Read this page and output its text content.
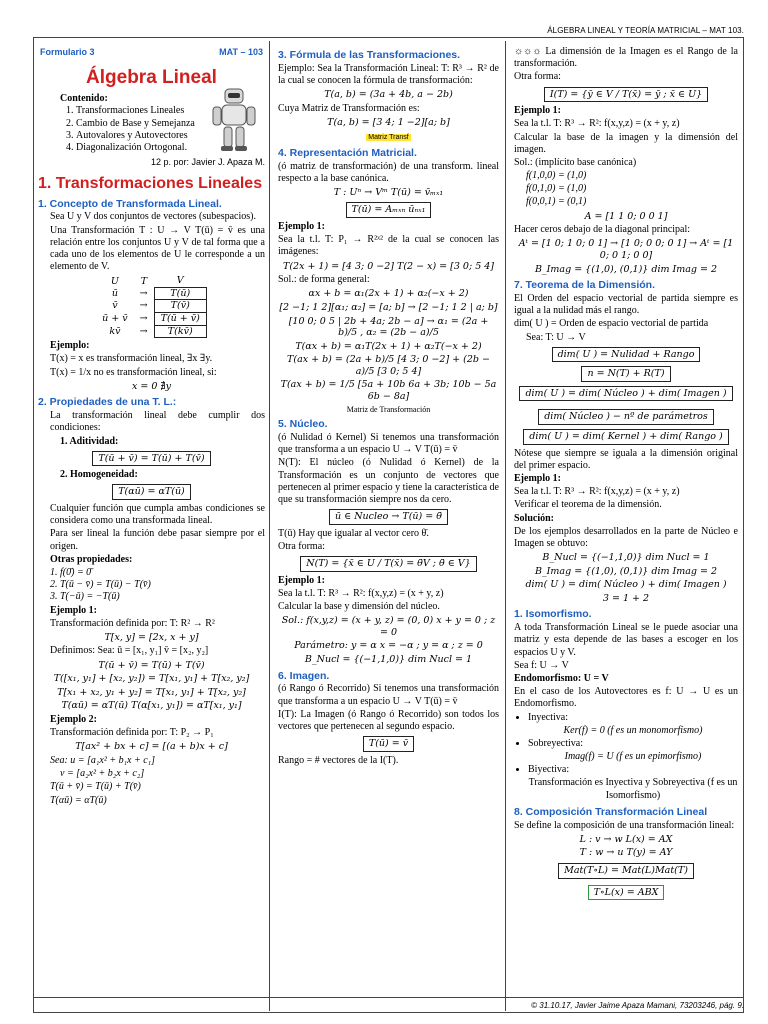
ÁLGEBRA LINEAL Y TEORÍA MATRICIAL – MAT 103.
© 31.10.17, Javier Jaime Apaza Mamani, 73203246, pág. 9.
Formulario 3	MAT – 103
Álgebra Lineal
Contenido:
1. Transformaciones Lineales
2. Cambio de Base y Semejanza
3. Autovalores y Autovectores
4. Diagonalización Ortogonal.
12 p. por: Javier J. Apaza M.
1. Transformaciones Lineales
1. Concepto de Transformada Lineal.

Sea U y V dos conjuntos de vectores (subespacios).

Una Transformación T : U → V T(ū) = v̄ es una relación entre los conjuntos U y V de tal forma que a cada uno de los elementos de U le corresponde a un elemento de V.

U	T	V
ū	→	T(ū)
v̄	→	T(v̄)
ū + v̄	→	T(ū + v̄)
kv̄	→	T(kv̄)

Ejemplo:

T(x) = x es transformación lineal, ∃x ∃y.

T(x) = 1/x no es transformación lineal, si:

x = 0 ∄y

2. Propiedades de una T. L.:

La transformación lineal debe cumplir dos condiciones:

1. Aditividad:

T(ū + v̄) = T(ū) + T(v̄)

2. Homogeneidad:

T(αū) = αT(ū)

Cualquier función que cumpla ambas condiciones se considera como una transformada lineal.

Para ser lineal la función debe pasar siempre por el origen.

Otras propiedades:

1. f(0̄) = 0̄
2. T(ū − v̄) = T(ū) − T(v̄)
3. T(−ū) = −T(ū)

Ejemplo 1:

Transformación definida por: T: R² → R²

T[x, y] = [2x, x + y]

Definimos: Sea: ū = [x₁, y₁] v̄ = [x₂, y₂]

T(ū + v̄) = T(ū) + T(v̄)

T([x₁, y₁] + [x₂, y₂]) = T[x₁, y₁] + T[x₂, y₂]

T[x₁ + x₂, y₁ + y₂] = T[x₁, y₁] + T[x₂, y₂]

T(αū) = αT(ū) T(α[x₁, y₁]) = αT[x₁, y₁]

Ejemplo 2:

Transformación definida por: T: P₂ → P₁

T[ax² + bx + c] = [(a + b)x + c]

Sea: u = [a₁x² + b₁x + c₁]

v = [a₂x² + b₂x + c₂]

T(ū + v̄) = T(ū) + T(v̄)

T(αū) = αT(ū)

3. Fórmula de las Transformaciones.

Ejemplo: Sea la Transformación Lineal: T: R³ → R² de la cual se conocen la fórmula de transformación:

T(a, b) = (3a + 4b, a − 2b)

Cuya Matriz de Transformación es:

T(a, b) = [3 4; 1 −2][a; b]

Matriz Transf
4. Representación Matricial.

(ó matriz de transformación) de una transform. lineal respecto a la base canónica.

T : Uⁿ → Vᵐ T(ū) = v̄ₘₓ₁

T(ū) = Aₘₓₙ ūₙₓ₁

Ejemplo 1:

Sea la t.l. T: P₁ → R²ˣ² de la cual se conocen las imágenes:

T(2x + 1) = [4 3; 0 −2] T(2 − x) = [3 0; 5 4]

Sol.: de forma general:

αx + b = α₁(2x + 1) + α₂(−x + 2)

[2 −1; 1 2][α₁; α₂] = [a; b] → [2 −1; 1 2 | a; b]

[10 0; 0 5 | 2b + 4a; 2b − a] → α₁ = (2a + b)/5 , α₂ = (2b − a)/5

T(αx + b) = α₁T(2x + 1) + α₂T(−x + 2)

T(ax + b) = (2a + b)/5 [4 3; 0 −2] + (2b − a)/5 [3 0; 5 4]

T(ax + b) = 1/5 [5a + 10b 6a + 3b; 10b − 5a 6b − 8a]

Matriz de Transformación
5. Núcleo.

(ó Nulidad ó Kernel) Si tenemos una transformación que transforma a un espacio U → V T(ū) = v̄

N(T): El núcleo (ó Nulidad ó Kernel) de la Transformación es un conjunto de vectores que pertenecen al primer espacio y tiene la característica de que su transformación siempre nos da cero.

ū ∈ Nucleo → T(ū) = θ̄

T(ū) Hay que igualar al vector cero θ̄.

Otra forma:

N(T) = {x̄ ∈ U / T(x̄) = θ̄V ; θ̄ ∈ V}

Ejemplo 1:

Sea la t.l. T: R³ → R²: f(x,y,z) = (x + y, z)

Calcular la base y dimensión del núcleo.

Sol.: f(x,y,z) = (x + y, z) = (0, 0) x + y = 0 ; z = 0

Parámetro: y = α x = −α ; y = α ; z = 0

B_Nucl = {(−1,1,0)} dim Nucl = 1

6. Imagen.

(ó Rango ó Recorrido) Si tenemos una transformación que transforma a un espacio U → V T(ū) = v̄

I(T): La Imagen (ó Rango ó Recorrido) son todos los vectores que pertenecen al segundo espacio.

T(ū) = v̄

Rango = # vectores de la I(T).

☼☼☼ La dimensión de la Imagen es el Rango de la transformación.

Otra forma:

I(T) = {ȳ ∈ V / T(x̄) = ȳ ; x̄ ∈ U}

Ejemplo 1:

Sea la t.l. T: R³ → R²: f(x,y,z) = (x + y, z)

Calcular la base de la imagen y la dimensión del imagen.

Sol.: (implícito base canónica)

f(1,0,0) = (1,0)

f(0,1,0) = (1,0)

f(0,0,1) = (0,1)

A = [1 1 0; 0 0 1]

Hacer ceros debajo de la diagonal principal:

Aᵗ = [1 0; 1 0; 0 1] → [1 0; 0 0; 0 1] → Aᵗ = [1 0; 0 1; 0 0]

B_Imag = {(1,0), (0,1)} dim Imag = 2

7. Teorema de la Dimensión.

El Orden del espacio vectorial de partida siempre es igual a la nulidad más el rango.

dim( U ) = Orden de espacio vectorial de partida

Sea: T: U → V

dim( U ) = Nulidad + Rango
n = N(T) + R(T)
dim( U ) = dim( Núcleo ) + dim( Imagen )
dim( Núcleo ) − nº de parámetros
dim( U ) = dim( Kernel ) + dim( Rango )

Nótese que siempre se iguala a la dimensión original del primer espacio.

Ejemplo 1:

Sea la t.l. T: R³ → R²: f(x,y,z) = (x + y, z)

Verificar el teorema de la dimensión.

Solución:

De los ejemplos desarrollados en la parte de Núcleo e Imagen se obtuvo:

B_Nucl = {(−1,1,0)} dim Nucl = 1

B_Imag = {(1,0), (0,1)} dim Imag = 2

dim( U ) = dim( Núcleo ) + dim( Imagen )

3 = 1 + 2

1. Isomorfismo.

A toda Transformación Lineal se le puede asociar una matriz y esta depende de las bases a escoger en los espacios U y V.

Sea f: U → V

Endomorfismo: U = V

En el caso de los Autovectores es f: U → U es un Endomorfismo.

• Inyectiva:

Ker(f) = 0 (f es un monomorfismo)

• Sobreyectiva:

Imag(f) = U (f es un epimorfismo)

• Biyectiva:

Transformación es Inyectiva y Sobreyectiva (f es un Isomorfismo)

8. Composición Transformación Lineal

Se define la composición de una transformación lineal:

L : v → w L(x) = AX

T : w → u T(y) = AY

Mat(T∘L) = Mat(L)Mat(T)
T∘L(x) = ABX
